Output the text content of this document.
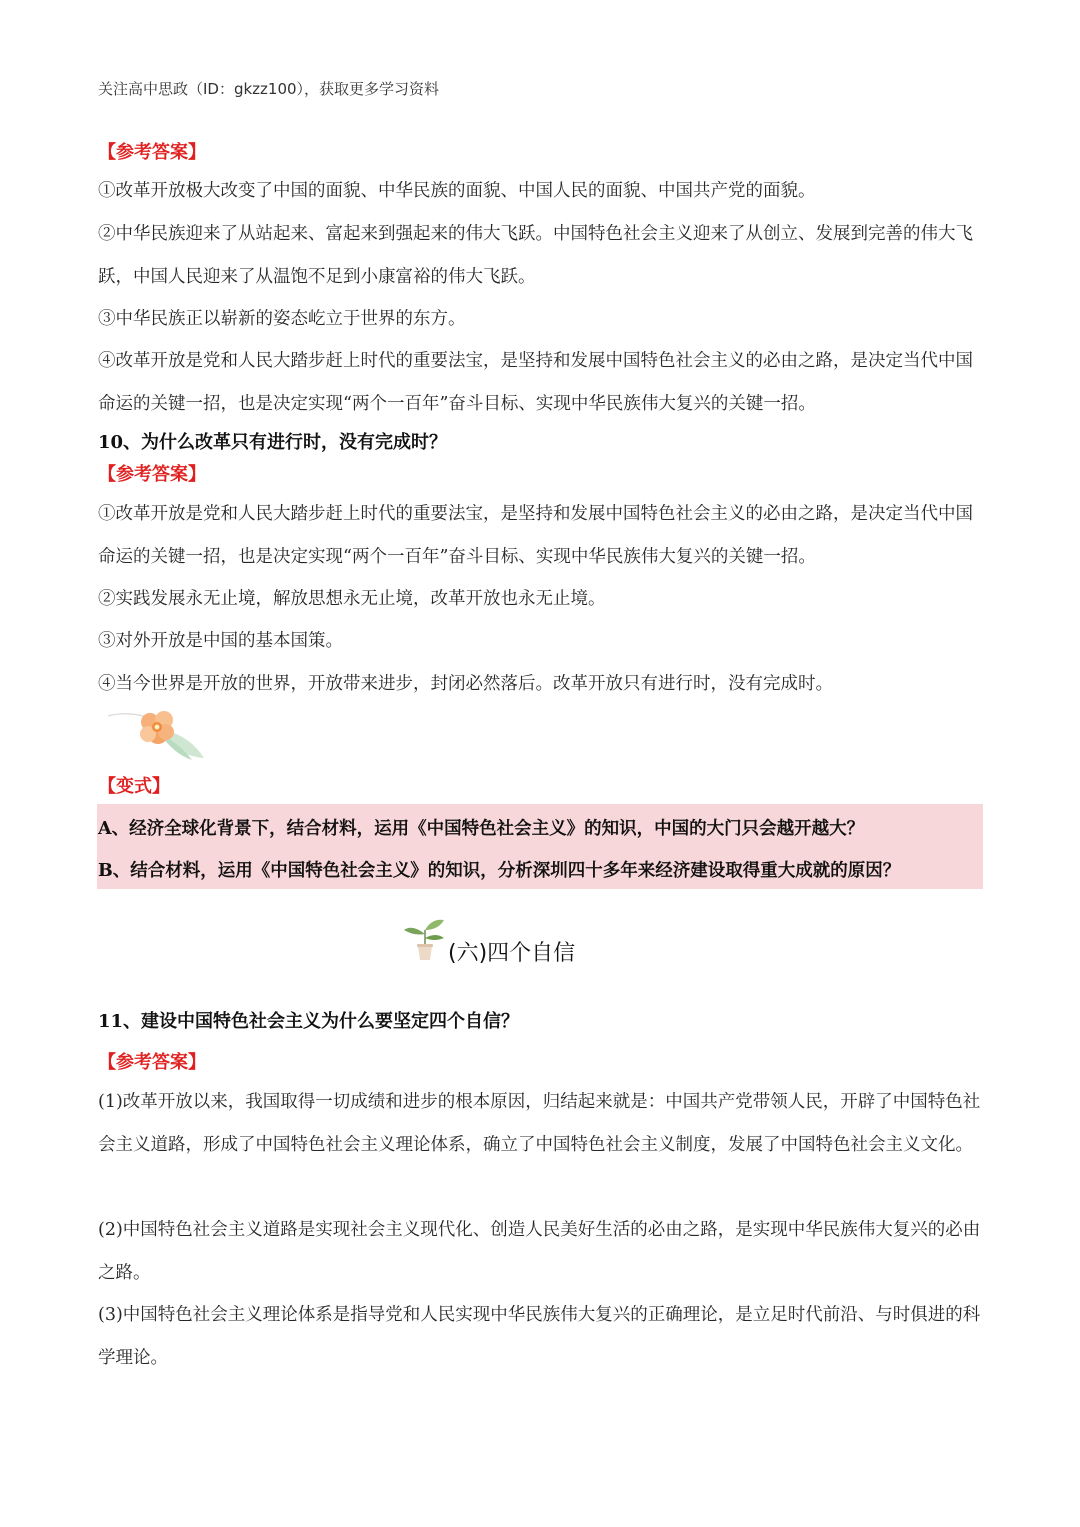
关注高中思政（ID：gkzz100），获取更多学习资料
【参考答案】
①改革开放极大改变了中国的面貌、中华民族的面貌、中国人民的面貌、中国共产党的面貌。
②中华民族迎来了从站起来、富起来到强起来的伟大飞跃。中国特色社会主义迎来了从创立、发展到完善的伟大飞跃，中国人民迎来了从温饱不足到小康富裕的伟大飞跃。
③中华民族正以崭新的姿态屹立于世界的东方。
④改革开放是党和人民大踏步赶上时代的重要法宝，是坚持和发展中国特色社会主义的必由之路，是决定当代中国命运的关键一招，也是决定实现“两个一百年”奋斗目标、实现中华民族伟大复兴的关键一招。
10、为什么改革只有进行时，没有完成时？
【参考答案】
①改革开放是党和人民大踏步赶上时代的重要法宝，是坚持和发展中国特色社会主义的必由之路，是决定当代中国命运的关键一招，也是决定实现“两个一百年”奋斗目标、实现中华民族伟大复兴的关键一招。
②实践发展永无止境，解放思想永无止境，改革开放也永无止境。
③对外开放是中国的基本国策。
④当今世界是开放的世界，开放带来进步，封闭必然落后。改革开放只有进行时，没有完成时。
【变式】
A、经济全球化背景下，结合材料，运用《中国特色社会主义》的知识，中国的大门只会越开越大？
B、结合材料，运用《中国特色社会主义》的知识，分析深圳四十多年来经济建设取得重大成就的原因？
(六)四个自信
11、建设中国特色社会主义为什么要坚定四个自信？
【参考答案】
(1)改革开放以来，我国取得一切成绩和进步的根本原因，归结起来就是：中国共产党带领人民，开辟了中国特色社会主义道路，形成了中国特色社会主义理论体系，确立了中国特色社会主义制度，发展了中国特色社会主义文化。
(2)中国特色社会主义道路是实现社会主义现代化、创造人民美好生活的必由之路，是实现中华民族伟大复兴的必由之路。
(3)中国特色社会主义理论体系是指导党和人民实现中华民族伟大复兴的正确理论，是立足时代前沿、与时俱进的科学理论。
